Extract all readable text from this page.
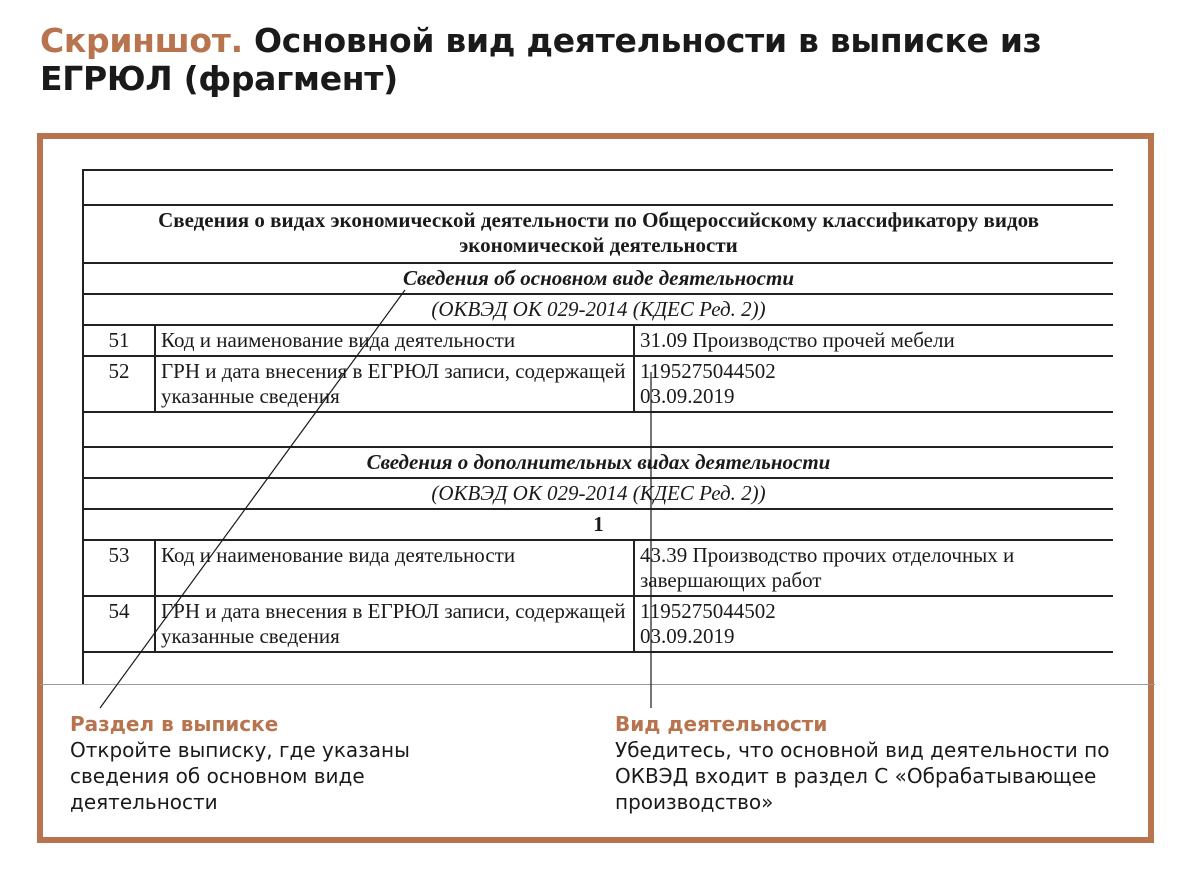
Скриншот. Основной вид деятельности в выписке из ЕГРЮЛ (фрагмент)

Сведения о видах экономической деятельности по Общероссийскому классификатору видов экономической деятельности		
Сведения об основном виде деятельности		
(ОКВЭД ОК 029-2014 (КДЕС Ред. 2))		
51	Код и наименование вида деятельности	31.09 Производство прочей мебели
52	ГРН и дата внесения в ЕГРЮЛ записи, содержащей указанные сведения	1195275044502
03.09.2019

Сведения о дополнительных видах деятельности		
(ОКВЭД ОК 029-2014 (КДЕС Ред. 2))		
1		
53	Код и наименование вида деятельности	43.39 Производство прочих отделочных и
завершающих работ

54	ГРН и дата внесения в ЕГРЮЛ записи, содержащей указанные сведения	1195275044502
03.09.2019

Раздел в выписке
Откройте выписку, где указаны сведения об основном виде деятельности
Вид деятельности
Убедитесь, что основной вид деятельности по ОКВЭД входит в раздел С «Обрабатывающее производство»
